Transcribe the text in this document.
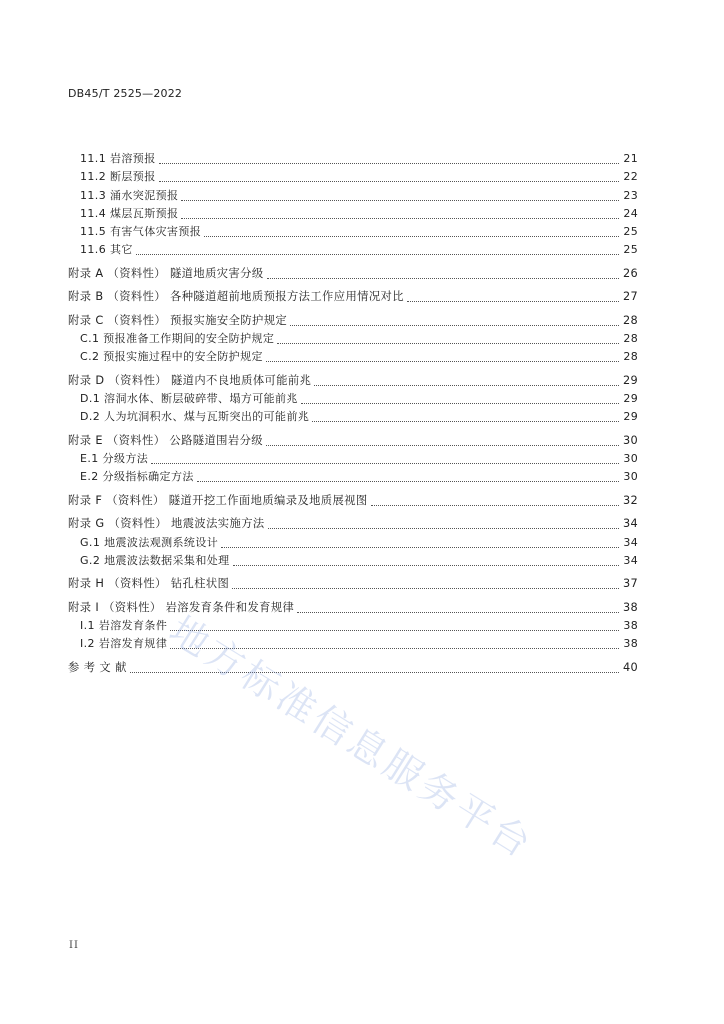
DB45/T 2525—2022
11.1 岩溶预报	21
11.2 断层预报	22
11.3 涌水突泥预报	23
11.4 煤层瓦斯预报	24
11.5 有害气体灾害预报	25
11.6 其它	25
附录 A （资料性） 隧道地质灾害分级	26
附录 B （资料性） 各种隧道超前地质预报方法工作应用情况对比	27
附录 C （资料性） 预报实施安全防护规定	28
C.1 预报准备工作期间的安全防护规定	28
C.2 预报实施过程中的安全防护规定	28
附录 D （资料性） 隧道内不良地质体可能前兆	29
D.1 溶洞水体、断层破碎带、塌方可能前兆	29
D.2 人为坑洞积水、煤与瓦斯突出的可能前兆	29
附录 E （资料性） 公路隧道围岩分级	30
E.1 分级方法	30
E.2 分级指标确定方法	30
附录 F （资料性） 隧道开挖工作面地质编录及地质展视图	32
附录 G （资料性） 地震波法实施方法	34
G.1 地震波法观测系统设计	34
G.2 地震波法数据采集和处理	34
附录 H （资料性） 钻孔柱状图	37
附录 I （资料性） 岩溶发育条件和发育规律	38
I.1 岩溶发育条件	38
I.2 岩溶发育规律	38
参 考 文 献	40
地方标准信息服务平台
II
